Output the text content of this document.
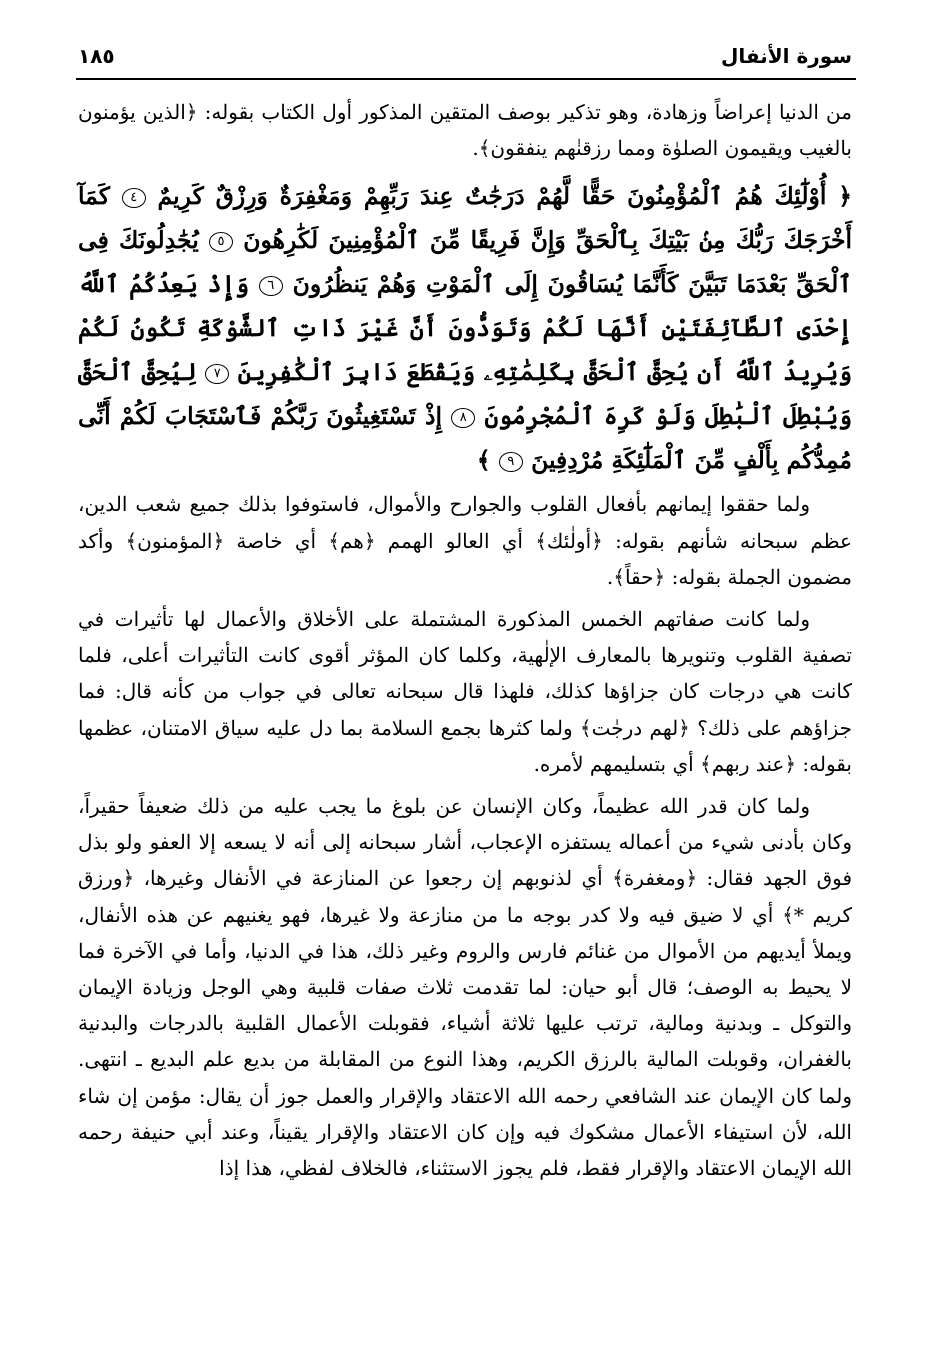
سورة الأنفال
١٨٥

من الدنيا إعراضاً وزهادة، وهو تذكير بوصف المتقين المذكور أول الكتاب بقوله: ﴿الذين يؤمنون بالغيب ويقيمون الصلوٰة ومما رزقنٰهم ينفقون﴾.

﴿ أُوْلَٰٓئِكَ هُمُ ٱلْمُؤْمِنُونَ حَقًّا لَّهُمْ دَرَجَٰتٌ عِندَ رَبِّهِمْ وَمَغْفِرَةٌ وَرِزْقٌ كَرِيمٌ ٤ كَمَآ أَخْرَجَكَ رَبُّكَ مِنۢ بَيْتِكَ بِٱلْحَقِّ وَإِنَّ فَرِيقًا مِّنَ ٱلْمُؤْمِنِينَ لَكَٰرِهُونَ ٥ يُجَٰدِلُونَكَ فِى ٱلْحَقِّ بَعْدَمَا تَبَيَّنَ كَأَنَّمَا يُسَاقُونَ إِلَى ٱلْمَوْتِ وَهُمْ يَنظُرُونَ ٦ وَإِذْ يَعِدُكُمُ ٱللَّهُ إِحْدَى ٱلطَّآئِفَتَيْنِ أَنَّهَا لَكُمْ وَتَوَدُّونَ أَنَّ غَيْرَ ذَاتِ ٱلشَّوْكَةِ تَكُونُ لَكُمْ وَيُرِيدُ ٱللَّهُ أَن يُحِقَّ ٱلْحَقَّ بِكَلِمَٰتِهِۦ وَيَقْطَعَ دَابِرَ ٱلْكَٰفِرِينَ ٧ لِيُحِقَّ ٱلْحَقَّ وَيُبْطِلَ ٱلْبَٰطِلَ وَلَوْ كَرِهَ ٱلْمُجْرِمُونَ ٨ إِذْ تَسْتَغِيثُونَ رَبَّكُمْ فَٱسْتَجَابَ لَكُمْ أَنِّى مُمِدُّكُم بِأَلْفٍ مِّنَ ٱلْمَلَٰٓئِكَةِ مُرْدِفِينَ ٩ ﴾

ولما حققوا إيمانهم بأفعال القلوب والجوارح والأموال، فاستوفوا بذلك جميع شعب الدين، عظم سبحانه شأنهم بقوله: ﴿أولٰئك﴾ أي العالو الهمم ﴿هم﴾ أي خاصة ﴿المؤمنون﴾ وأكد مضمون الجملة بقوله: ﴿حقاً﴾.

ولما كانت صفاتهم الخمس المذكورة المشتملة على الأخلاق والأعمال لها تأثيرات في تصفية القلوب وتنويرها بالمعارف الإلٰهية، وكلما كان المؤثر أقوى كانت التأثيرات أعلى، فلما كانت هي درجات كان جزاؤها كذلك، فلهذا قال سبحانه تعالى في جواب من كأنه قال: فما جزاؤهم على ذلك؟ ﴿لهم درجٰت﴾ ولما كثرها بجمع السلامة بما دل عليه سياق الامتنان، عظمها بقوله: ﴿عند ربهم﴾ أي بتسليمهم لأمره.

ولما كان قدر الله عظيماً، وكان الإنسان عن بلوغ ما يجب عليه من ذلك ضعيفاً حقيراً، وكان بأدنى شيء من أعماله يستفزه الإعجاب، أشار سبحانه إلى أنه لا يسعه إلا العفو ولو بذل فوق الجهد فقال: ﴿ومغفرة﴾ أي لذنوبهم إن رجعوا عن المنازعة في الأنفال وغيرها، ﴿ورزق كريم *﴾ أي لا ضيق فيه ولا كدر بوجه ما من منازعة ولا غيرها، فهو يغنيهم عن هذه الأنفال، ويملأ أيديهم من الأموال من غنائم فارس والروم وغير ذلك، هذا في الدنيا، وأما في الآخرة فما لا يحيط به الوصف؛ قال أبو حيان: لما تقدمت ثلاث صفات قلبية وهي الوجل وزيادة الإيمان والتوكل ـ وبدنية ومالية، ترتب عليها ثلاثة أشياء، فقوبلت الأعمال القلبية بالدرجات والبدنية بالغفران، وقوبلت المالية بالرزق الكريم، وهذا النوع من المقابلة من بديع علم البديع ـ انتهى. ولما كان الإيمان عند الشافعي رحمه الله الاعتقاد والإقرار والعمل جوز أن يقال: مؤمن إن شاء الله، لأن استيفاء الأعمال مشكوك فيه وإن كان الاعتقاد والإقرار يقيناً، وعند أبي حنيفة رحمه الله الإيمان الاعتقاد والإقرار فقط، فلم يجوز الاستثناء، فالخلاف لفظي، هذا إذا
